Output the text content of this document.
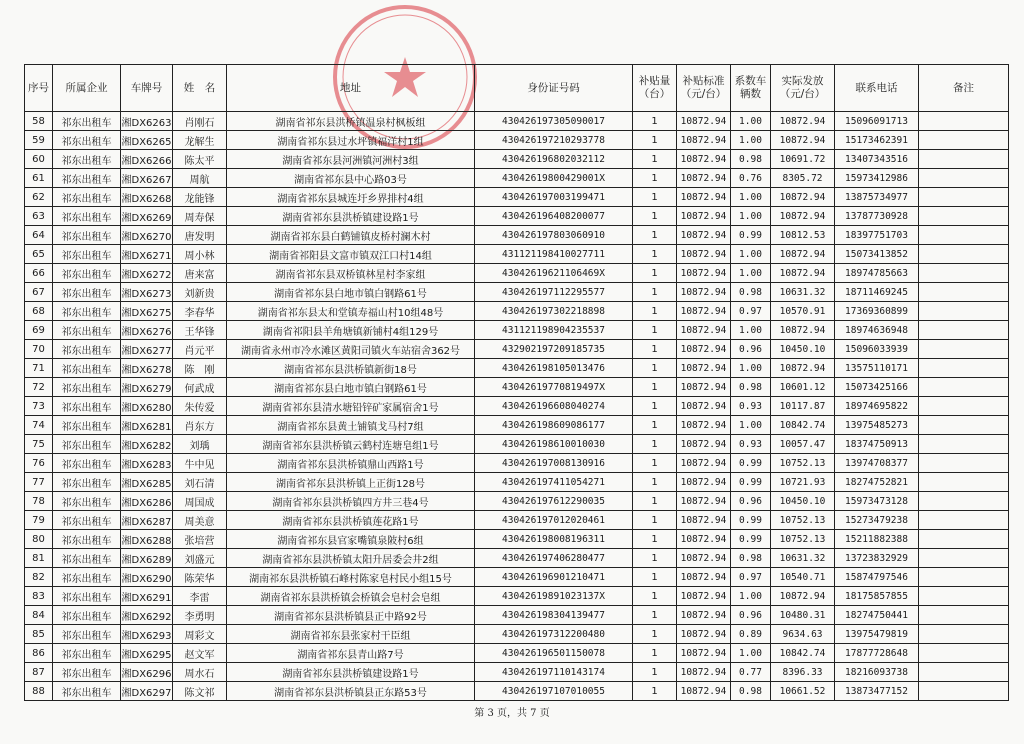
序号	所属企业	车牌号	姓　名	地址	身份证号码	补贴量（台）	补贴标准（元/台）	系数车辆数	实际发放（元/台）	联系电话	备注
58	祁东出租车	湘DX6263	肖刚石	湖南省祁东县洪桥镇温泉村枫板组	430426197305090017	1	10872.94	1.00	10872.94	15096091713	
59	祁东出租车	湘DX6265	龙解生	湖南省祁东县过水坪镇福洋村1组	430426197210293778	1	10872.94	1.00	10872.94	15173462391	
60	祁东出租车	湘DX6266	陈太平	湖南省祁东县河洲镇河洲村3组	430426196802032112	1	10872.94	0.98	10691.72	13407343516	
61	祁东出租车	湘DX6267	周航	湖南省祁东县中心路03号	43042619800429001X	1	10872.94	0.76	8305.72	15973412986	
62	祁东出租车	湘DX6268	龙能锋	湖南省祁东县城连圩乡界排村4组	430426197003199471	1	10872.94	1.00	10872.94	13875734977	
63	祁东出租车	湘DX6269	周寿保	湖南省祁东县洪桥镇建设路1号	430426196408200077	1	10872.94	1.00	10872.94	13787730928	
64	祁东出租车	湘DX6270	唐发明	湖南省祁东县白鹤铺镇皮桥村澜木村	430426197803060910	1	10872.94	0.99	10812.53	18397751703	
65	祁东出租车	湘DX6271	周小林	湖南省祁阳县文富市镇双江口村14组	431121198410027711	1	10872.94	1.00	10872.94	15073413852	
66	祁东出租车	湘DX6272	唐来富	湖南省祁东县双桥镇林星村李家组	43042619621106469X	1	10872.94	1.00	10872.94	18974785663	
67	祁东出租车	湘DX6273	刘新贵	湖南省祁东县白地市镇白钢路61号	430426197112295577	1	10872.94	0.98	10631.32	18711469245	
68	祁东出租车	湘DX6275	李春华	湖南省祁东县太和堂镇寿福山村10组48号	430426197302218898	1	10872.94	0.97	10570.91	17369360899	
69	祁东出租车	湘DX6276	王华锋	湖南省祁阳县羊角塘镇新铺村4组129号	431121198904235537	1	10872.94	1.00	10872.94	18974636948	
70	祁东出租车	湘DX6277	肖元平	湖南省永州市冷水滩区黄阳司镇火车站宿舍362号	432902197209185735	1	10872.94	0.96	10450.10	15096033939	
71	祁东出租车	湘DX6278	陈　刚	湖南省祁东县洪桥镇新街18号	430426198105013476	1	10872.94	1.00	10872.94	13575110171	
72	祁东出租车	湘DX6279	何武成	湖南省祁东县白地市镇白钢路61号	43042619770819497X	1	10872.94	0.98	10601.12	15073425166	
73	祁东出租车	湘DX6280	朱传爱	湖南省祁东县清水塘铅锌矿家属宿舍1号	430426196608040274	1	10872.94	0.93	10117.87	18974695822	
74	祁东出租车	湘DX6281	肖东方	湖南省祁东县黄土铺镇戈马村7组	430426198609086177	1	10872.94	1.00	10842.74	13975485273	
75	祁东出租车	湘DX6282	刘瑀	湖南省祁东县洪桥镇云鹤村连塘皂组1号	430426198610010030	1	10872.94	0.93	10057.47	18374750913	
76	祁东出租车	湘DX6283	牛中见	湖南省祁东县洪桥镇鼎山西路1号	430426197008130916	1	10872.94	0.99	10752.13	13974708377	
77	祁东出租车	湘DX6285	刘石清	湖南省祁东县洪桥镇上正街128号	430426197411054271	1	10872.94	0.99	10721.93	18274752821	
78	祁东出租车	湘DX6286	周国成	湖南省祁东县洪桥镇四方井三巷4号	430426197612290035	1	10872.94	0.96	10450.10	15973473128	
79	祁东出租车	湘DX6287	周美意	湖南省祁东县洪桥镇莲花路1号	430426197012020461	1	10872.94	0.99	10752.13	15273479238	
80	祁东出租车	湘DX6288	张培营	湖南省祁东县官家嘴镇泉陂村6组	430426198008196311	1	10872.94	0.99	10752.13	15211882388	
81	祁东出租车	湘DX6289	刘盛元	湖南省祁东县洪桥镇太阳升居委会井2组	430426197406280477	1	10872.94	0.98	10631.32	13723832929	
82	祁东出租车	湘DX6290	陈荣华	湖南祁东县洪桥镇石峰村陈家皂村民小组15号	430426196901210471	1	10872.94	0.97	10540.71	15874797546	
83	祁东出租车	湘DX6291	李雷	湖南省祁东县洪桥镇会桥镇会皂村会皂组	43042619891023137X	1	10872.94	1.00	10872.94	18175857855	
84	祁东出租车	湘DX6292	李勇明	湖南省祁东县洪桥镇县正中路92号	430426198304139477	1	10872.94	0.96	10480.31	18274750441	
85	祁东出租车	湘DX6293	周彩文	湖南省祁东县张家村干臣组	430426197312200480	1	10872.94	0.89	9634.63	13975479819	
86	祁东出租车	湘DX6295	赵文军	湖南省祁东县青山路7号	430426196501150078	1	10872.94	1.00	10842.74	17877728648	
87	祁东出租车	湘DX6296	周水石	湖南省祁东县洪桥镇建设路1号	430426197110143174	1	10872.94	0.77	8396.33	18216093738	
88	祁东出租车	湘DX6297	陈文祁	湖南省祁东县洪桥镇县正东路53号	430426197107010055	1	10872.94	0.98	10661.52	13873477152	
第 3 页，共 7 页
